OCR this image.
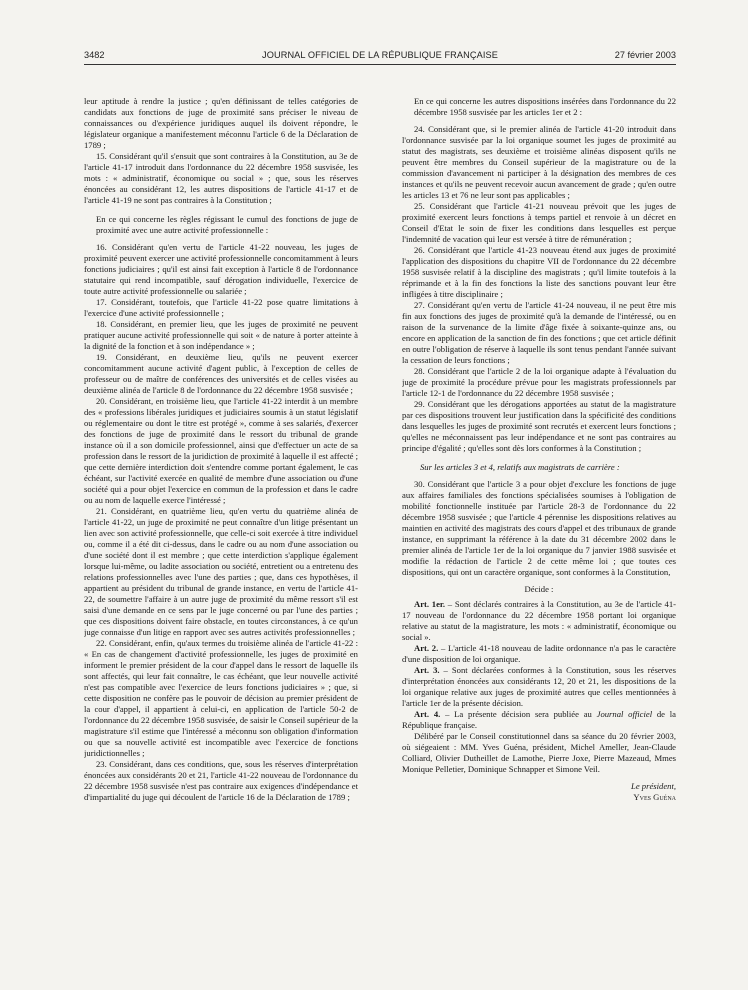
3482	JOURNAL OFFICIEL DE LA RÉPUBLIQUE FRANÇAISE	27 février 2003

leur aptitude à rendre la justice ; qu'en définissant de telles catégories de candidats aux fonctions de juge de proximité sans préciser le niveau de connaissances ou d'expérience juridiques auquel ils doivent répondre, le législateur organique a manifestement méconnu l'article 6 de la Déclaration de 1789 ;

15. Considérant qu'il s'ensuit que sont contraires à la Constitution, au 3e de l'article 41-17 introduit dans l'ordonnance du 22 décembre 1958 susvisée, les mots : « administratif, économique ou social » ; que, sous les réserves énoncées au considérant 12, les autres dispositions de l'article 41-17 et de l'article 41-19 ne sont pas contraires à la Constitution ;

En ce qui concerne les règles régissant le cumul des fonctions de juge de proximité avec une autre activité professionnelle :

16. Considérant qu'en vertu de l'article 41-22 nouveau, les juges de proximité peuvent exercer une activité professionnelle concomitamment à leurs fonctions judiciaires ; qu'il est ainsi fait exception à l'article 8 de l'ordonnance statutaire qui rend incompatible, sauf dérogation individuelle, l'exercice de toute autre activité professionnelle ou salariée ;

17. Considérant, toutefois, que l'article 41-22 pose quatre limitations à l'exercice d'une activité professionnelle ;

18. Considérant, en premier lieu, que les juges de proximité ne peuvent pratiquer aucune activité professionnelle qui soit « de nature à porter atteinte à la dignité de la fonction et à son indépendance » ;

19. Considérant, en deuxième lieu, qu'ils ne peuvent exercer concomitamment aucune activité d'agent public, à l'exception de celles de professeur ou de maître de conférences des universités et de celles visées au deuxième alinéa de l'article 8 de l'ordonnance du 22 décembre 1958 susvisée ;

20. Considérant, en troisième lieu, que l'article 41-22 interdit à un membre des « professions libérales juridiques et judiciaires soumis à un statut législatif ou réglementaire ou dont le titre est protégé », comme à ses salariés, d'exercer des fonctions de juge de proximité dans le ressort du tribunal de grande instance où il a son domicile professionnel, ainsi que d'effectuer un acte de sa profession dans le ressort de la juridiction de proximité à laquelle il est affecté ; que cette dernière interdiction doit s'entendre comme portant également, le cas échéant, sur l'activité exercée en qualité de membre d'une association ou d'une société qui a pour objet l'exercice en commun de la profession et dans le cadre ou au nom de laquelle exerce l'intéressé ;

21. Considérant, en quatrième lieu, qu'en vertu du quatrième alinéa de l'article 41-22, un juge de proximité ne peut connaître d'un litige présentant un lien avec son activité professionnelle, que celle-ci soit exercée à titre individuel ou, comme il a été dit ci-dessus, dans le cadre ou au nom d'une association ou d'une société dont il est membre ; que cette interdiction s'applique également lorsque lui-même, ou ladite association ou société, entretient ou a entretenu des relations professionnelles avec l'une des parties ; que, dans ces hypothèses, il appartient au président du tribunal de grande instance, en vertu de l'article 41-22, de soumettre l'affaire à un autre juge de proximité du même ressort s'il est saisi d'une demande en ce sens par le juge concerné ou par l'une des parties ; que ces dispositions doivent faire obstacle, en toutes circonstances, à ce qu'un juge connaisse d'un litige en rapport avec ses autres activités professionnelles ;

22. Considérant, enfin, qu'aux termes du troisième alinéa de l'article 41-22 : « En cas de changement d'activité professionnelle, les juges de proximité en informent le premier président de la cour d'appel dans le ressort de laquelle ils sont affectés, qui leur fait connaître, le cas échéant, que leur nouvelle activité n'est pas compatible avec l'exercice de leurs fonctions judiciaires » ; que, si cette disposition ne confère pas le pouvoir de décision au premier président de la cour d'appel, il appartient à celui-ci, en application de l'article 50-2 de l'ordonnance du 22 décembre 1958 susvisée, de saisir le Conseil supérieur de la magistrature s'il estime que l'intéressé a méconnu son obligation d'information ou que sa nouvelle activité est incompatible avec l'exercice de fonctions juridictionnelles ;

23. Considérant, dans ces conditions, que, sous les réserves d'interprétation énoncées aux considérants 20 et 21, l'article 41-22 nouveau de l'ordonnance du 22 décembre 1958 susvisée n'est pas contraire aux exigences d'indépendance et d'impartialité du juge qui découlent de l'article 16 de la Déclaration de 1789 ;

En ce qui concerne les autres dispositions insérées dans l'ordonnance du 22 décembre 1958 susvisée par les articles 1er et 2 :

24. Considérant que, si le premier alinéa de l'article 41-20 introduit dans l'ordonnance susvisée par la loi organique soumet les juges de proximité au statut des magistrats, ses deuxième et troisième alinéas disposent qu'ils ne peuvent être membres du Conseil supérieur de la magistrature ou de la commission d'avancement ni participer à la désignation des membres de ces instances et qu'ils ne peuvent recevoir aucun avancement de grade ; qu'en outre les articles 13 et 76 ne leur sont pas applicables ;

25. Considérant que l'article 41-21 nouveau prévoit que les juges de proximité exercent leurs fonctions à temps partiel et renvoie à un décret en Conseil d'Etat le soin de fixer les conditions dans lesquelles est perçue l'indemnité de vacation qui leur est versée à titre de rémunération ;

26. Considérant que l'article 41-23 nouveau étend aux juges de proximité l'application des dispositions du chapitre VII de l'ordonnance du 22 décembre 1958 susvisée relatif à la discipline des magistrats ; qu'il limite toutefois à la réprimande et à la fin des fonctions la liste des sanctions pouvant leur être infligées à titre disciplinaire ;

27. Considérant qu'en vertu de l'article 41-24 nouveau, il ne peut être mis fin aux fonctions des juges de proximité qu'à la demande de l'intéressé, ou en raison de la survenance de la limite d'âge fixée à soixante-quinze ans, ou encore en application de la sanction de fin des fonctions ; que cet article définit en outre l'obligation de réserve à laquelle ils sont tenus pendant l'année suivant la cessation de leurs fonctions ;

28. Considérant que l'article 2 de la loi organique adapte à l'évaluation du juge de proximité la procédure prévue pour les magistrats professionnels par l'article 12-1 de l'ordonnance du 22 décembre 1958 susvisée ;

29. Considérant que les dérogations apportées au statut de la magistrature par ces dispositions trouvent leur justification dans la spécificité des conditions dans lesquelles les juges de proximité sont recrutés et exercent leurs fonctions ; qu'elles ne méconnaissent pas leur indépendance et ne sont pas contraires au principe d'égalité ; qu'elles sont dès lors conformes à la Constitution ;

Sur les articles 3 et 4, relatifs aux magistrats de carrière :

30. Considérant que l'article 3 a pour objet d'exclure les fonctions de juge aux affaires familiales des fonctions spécialisées soumises à l'obligation de mobilité fonctionnelle instituée par l'article 28-3 de l'ordonnance du 22 décembre 1958 susvisée ; que l'article 4 pérennise les dispositions relatives au maintien en activité des magistrats des cours d'appel et des tribunaux de grande instance, en supprimant la référence à la date du 31 décembre 2002 dans le premier alinéa de l'article 1er de la loi organique du 7 janvier 1988 susvisée et modifie la rédaction de l'article 2 de cette même loi ; que toutes ces dispositions, qui ont un caractère organique, sont conformes à la Constitution,

Décide :

Art. 1er. – Sont déclarés contraires à la Constitution, au 3e de l'article 41-17 nouveau de l'ordonnance du 22 décembre 1958 portant loi organique relative au statut de la magistrature, les mots : « administratif, économique ou social ».

Art. 2. – L'article 41-18 nouveau de ladite ordonnance n'a pas le caractère d'une disposition de loi organique.

Art. 3. – Sont déclarées conformes à la Constitution, sous les réserves d'interprétation énoncées aux considérants 12, 20 et 21, les dispositions de la loi organique relative aux juges de proximité autres que celles mentionnées à l'article 1er de la présente décision.

Art. 4. – La présente décision sera publiée au Journal officiel de la République française.

Délibéré par le Conseil constitutionnel dans sa séance du 20 février 2003, où siégeaient : MM. Yves Guéna, président, Michel Ameller, Jean-Claude Colliard, Olivier Dutheillet de Lamothe, Pierre Joxe, Pierre Mazeaud, Mmes Monique Pelletier, Dominique Schnapper et Simone Veil.

Le président,

Yves Guéna
